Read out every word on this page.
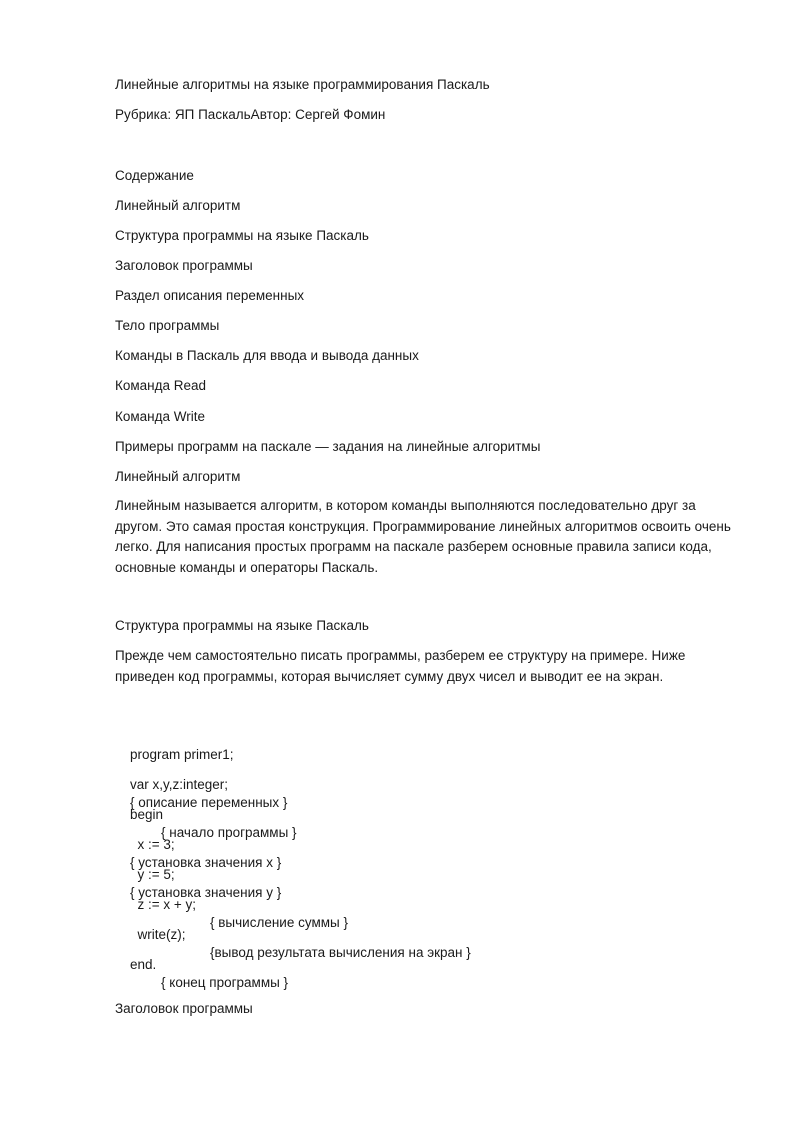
Линейные алгоритмы на языке программирования Паскаль
Рубрика: ЯП ПаскальАвтор: Сергей Фомин
Содержание
Линейный алгоритм
Структура программы на языке Паскаль
Заголовок программы
Раздел описания переменных
Тело программы
Команды в Паскаль для ввода и вывода данных
Команда Read
Команда Write
Примеры программ на паскале — задания на линейные алгоритмы
Линейный алгоритм
Линейным называется алгоритм, в котором команды выполняются последовательно друг за другом. Это самая простая конструкция. Программирование линейных алгоритмов освоить очень легко. Для написания простых программ на паскале разберем основные правила записи кода, основные команды и операторы Паскаль.
Структура программы на языке Паскаль
Прежде чем самостоятельно писать программы, разберем ее структуру на примере. Ниже приведен код программы, которая вычисляет сумму двух чисел и выводит ее на экран.

program primer1;

var x,y,z:integer;
{ описание переменных }

begin

{ начало программы }

x := 3;
{ установка значения x }

y := 5;
{ установка значения y }

z := x + y;

{ вычисление суммы }

write(z);

{вывод результата вычисления на экран }

end.

{ конец программы }

Заголовок программы
